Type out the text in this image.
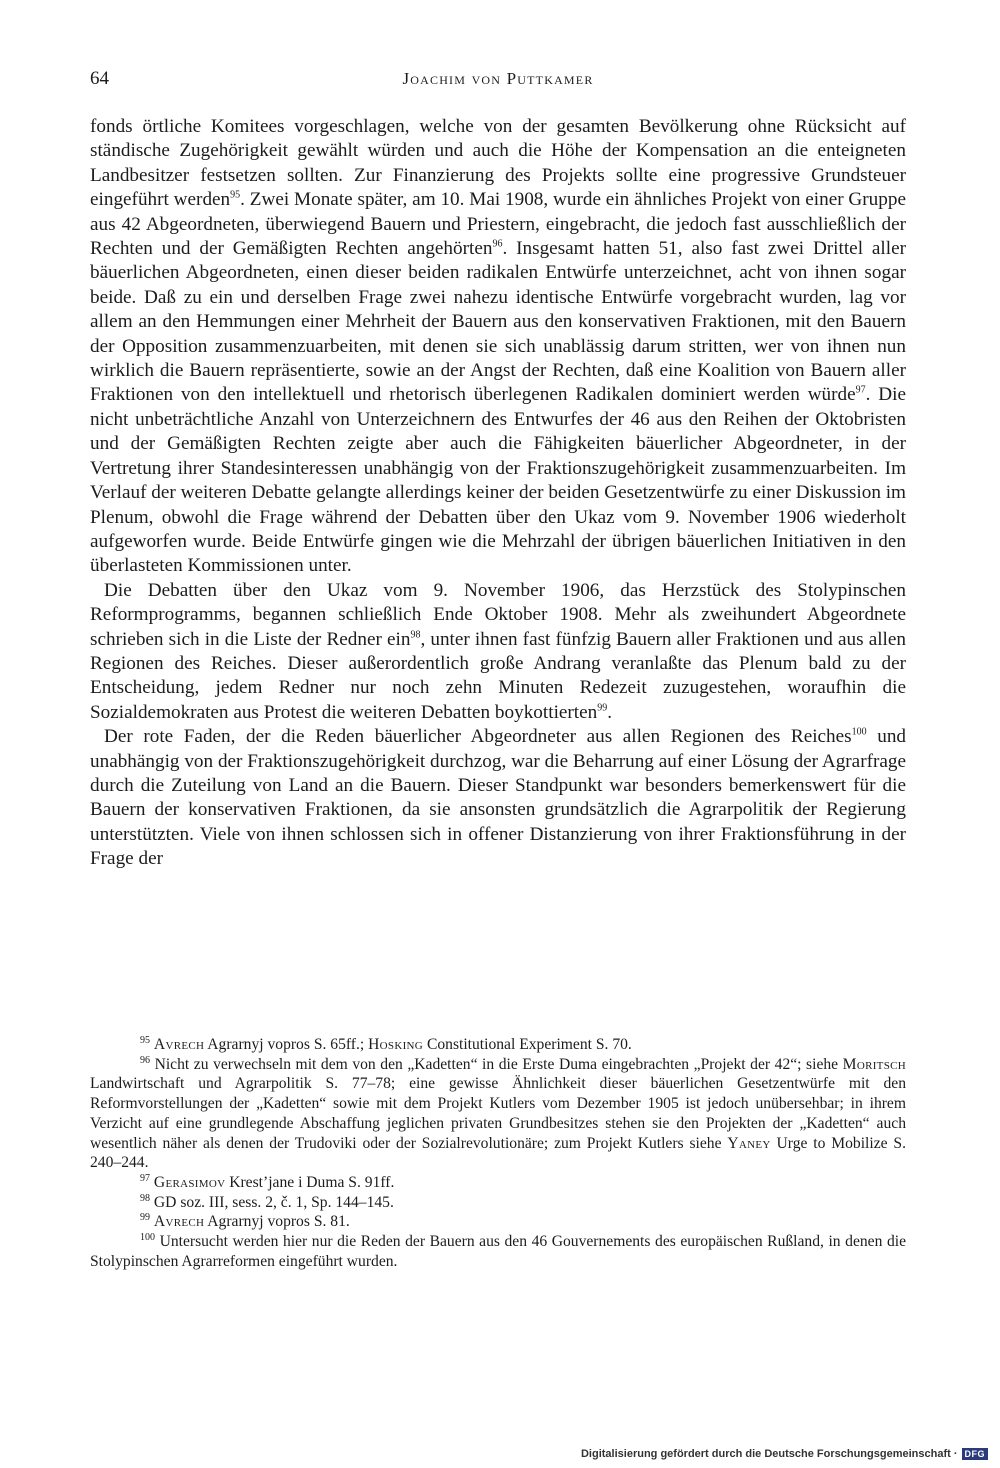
64	Joachim von Puttkamer

fonds örtliche Komitees vorgeschlagen, welche von der gesamten Bevölkerung ohne Rücksicht auf ständische Zugehörigkeit gewählt würden und auch die Höhe der Kompensation an die enteigneten Landbesitzer festsetzen sollten. Zur Finanzierung des Projekts sollte eine progressive Grundsteuer eingeführt werden$^{95}$. Zwei Monate später, am 10. Mai 1908, wurde ein ähnliches Projekt von einer Gruppe aus 42 Abgeordneten, überwiegend Bauern und Priestern, eingebracht, die jedoch fast ausschließlich der Rechten und der Gemäßigten Rechten angehörten$^{96}$. Insgesamt hatten 51, also fast zwei Drittel aller bäuerlichen Abgeordneten, einen dieser beiden radikalen Entwürfe unterzeichnet, acht von ihnen sogar beide. Daß zu ein und derselben Frage zwei nahezu identische Entwürfe vorgebracht wurden, lag vor allem an den Hemmungen einer Mehrheit der Bauern aus den konservativen Fraktionen, mit den Bauern der Opposition zusammenzuarbeiten, mit denen sie sich unablässig darum stritten, wer von ihnen nun wirklich die Bauern repräsentierte, sowie an der Angst der Rechten, daß eine Koalition von Bauern aller Fraktionen von den intellektuell und rhetorisch überlegenen Radikalen dominiert werden würde$^{97}$. Die nicht unbeträchtliche Anzahl von Unterzeichnern des Entwurfes der 46 aus den Reihen der Oktobristen und der Gemäßigten Rechten zeigte aber auch die Fähigkeiten bäuerlicher Abgeordneter, in der Vertretung ihrer Standesinteressen unabhängig von der Fraktionszugehörigkeit zusammenzuarbeiten. Im Verlauf der weiteren Debatte gelangte allerdings keiner der beiden Gesetzentwürfe zu einer Diskussion im Plenum, obwohl die Frage während der Debatten über den Ukaz vom 9. November 1906 wiederholt aufgeworfen wurde. Beide Entwürfe gingen wie die Mehrzahl der übrigen bäuerlichen Initiativen in den überlasteten Kommissionen unter.

Die Debatten über den Ukaz vom 9. November 1906, das Herzstück des Stolypinschen Reformprogramms, begannen schließlich Ende Oktober 1908. Mehr als zweihundert Abgeordnete schrieben sich in die Liste der Redner ein$^{98}$, unter ihnen fast fünfzig Bauern aller Fraktionen und aus allen Regionen des Reiches. Dieser außerordentlich große Andrang veranlaßte das Plenum bald zu der Entscheidung, jedem Redner nur noch zehn Minuten Redezeit zuzugestehen, woraufhin die Sozialdemokraten aus Protest die weiteren Debatten boykottierten$^{99}$.

Der rote Faden, der die Reden bäuerlicher Abgeordneter aus allen Regionen des Reiches$^{100}$ und unabhängig von der Fraktionszugehörigkeit durchzog, war die Beharrung auf einer Lösung der Agrarfrage durch die Zuteilung von Land an die Bauern. Dieser Standpunkt war besonders bemerkenswert für die Bauern der konservativen Fraktionen, da sie ansonsten grundsätzlich die Agrarpolitik der Regierung unterstützten. Viele von ihnen schlossen sich in offener Distanzierung von ihrer Fraktionsführung in der Frage der

$^{95}$ Avrech Agrarnyj vopros S. 65ff.; Hosking Constitutional Experiment S. 70.

$^{96}$ Nicht zu verwechseln mit dem von den „Kadetten“ in die Erste Duma eingebrachten „Projekt der 42“; siehe Moritsch Landwirtschaft und Agrarpolitik S. 77–78; eine gewisse Ähnlichkeit dieser bäuerlichen Gesetzentwürfe mit den Reformvorstellungen der „Kadetten“ sowie mit dem Projekt Kutlers vom Dezember 1905 ist jedoch unübersehbar; in ihrem Verzicht auf eine grundlegende Abschaffung jeglichen privaten Grundbesitzes stehen sie den Projekten der „Kadetten“ auch wesentlich näher als denen der Trudoviki oder der Sozialrevolutionäre; zum Projekt Kutlers siehe Yaney Urge to Mobilize S. 240–244.

$^{97}$ Gerasimov Krest’jane i Duma S. 91ff.

$^{98}$ GD soz. III, sess. 2, č. 1, Sp. 144–145.

$^{99}$ Avrech Agrarnyj vopros S. 81.

$^{100}$ Untersucht werden hier nur die Reden der Bauern aus den 46 Gouvernements des europäischen Rußland, in denen die Stolypinschen Agrarreformen eingeführt wurden.

Digitalisierung gefördert durch die Deutsche Forschungsgemeinschaft · DFG
